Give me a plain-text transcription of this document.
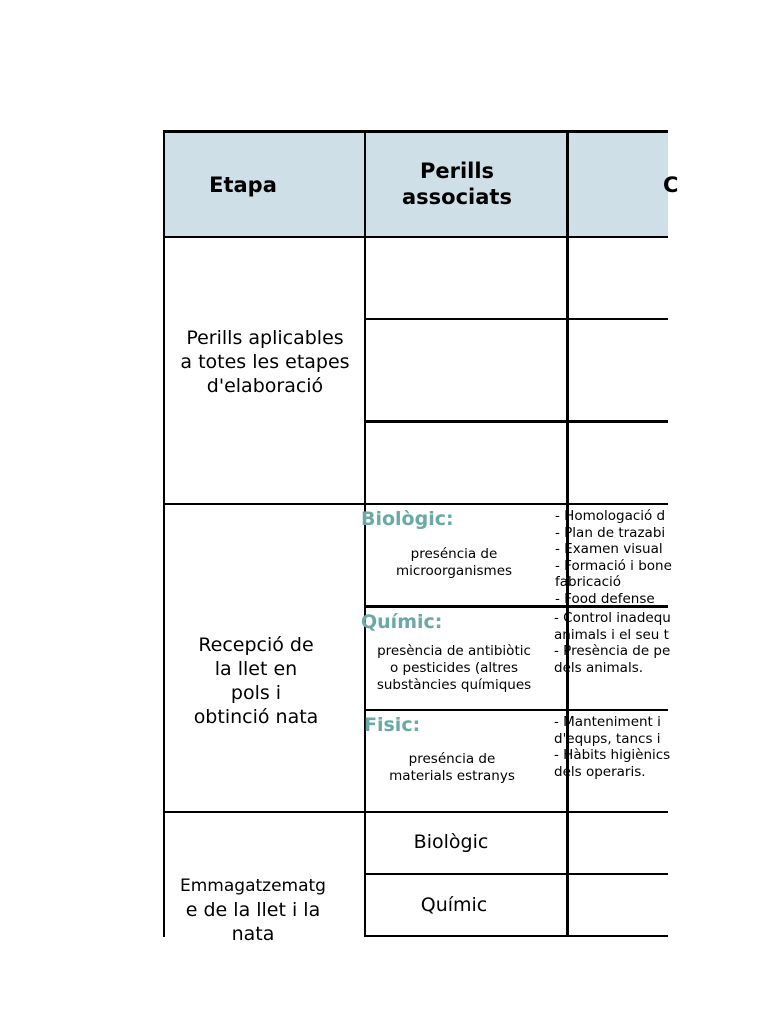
Etapa
Perills
associats	C
Perills aplicables
a totes les etapes
d'elaboració
Recepció de
la llet en
pols i
obtinció nata
Emmagatzematg
e de la llet i la
nata
Biològic:
presénсia de
microorganismes
- Homologació d
- Plan de trazabi
- Examen visual
- Formació i bone
fabricació
- Food defense
Químic:
presència de antibiòtic
o pesticides (altres
substàncies químiques
- Control inadequ
animals i el seu t
- Presència de pe
dels animals.
Fisic:
presénсia de
materials estranys
- Manteniment i
d'equps, tancs i
- Hàbits higiènics
dels operaris.
Biològic
Químic
